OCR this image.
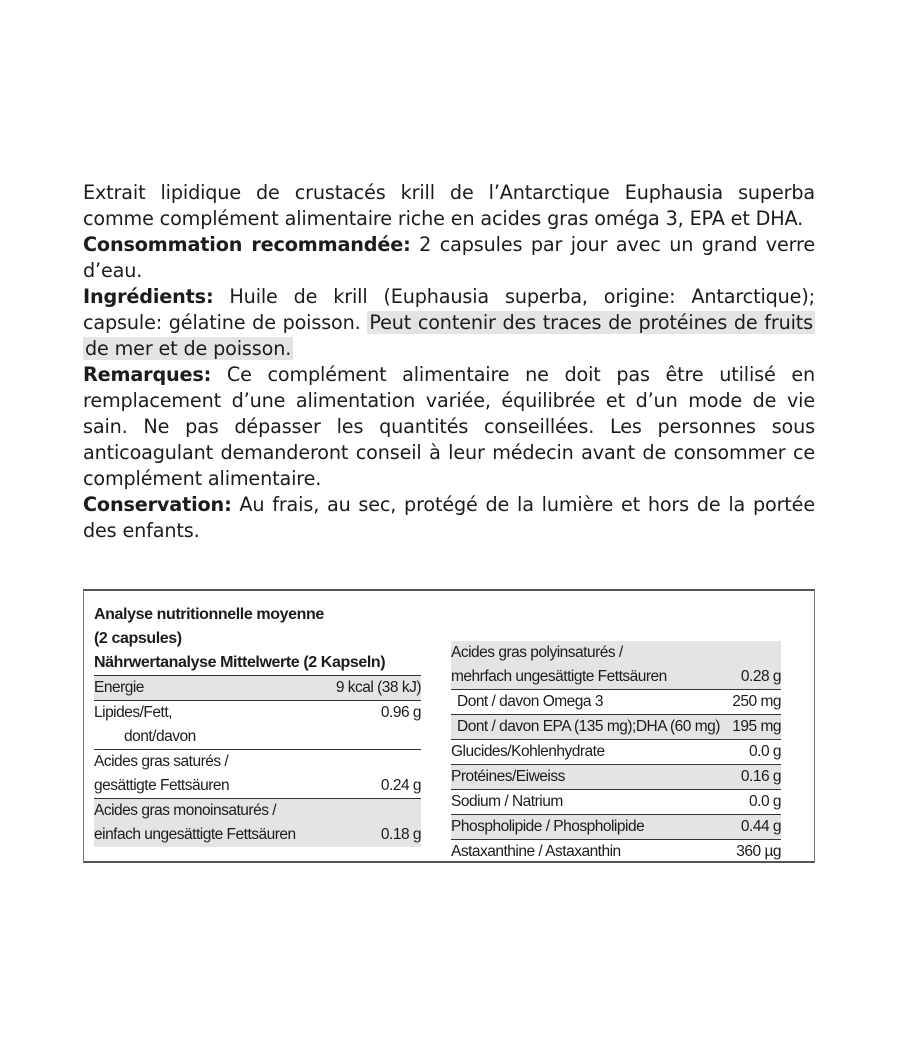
Extrait lipidique de crustacés krill de l’Antarctique Euphausia superba comme complément alimentaire riche en acides gras oméga 3, EPA et DHA.

Consommation recommandée: 2 capsules par jour avec un grand verre d’eau.

Ingrédients: Huile de krill (Euphausia superba, origine: Antarctique); capsule: gélatine de poisson. Peut contenir des traces de protéines de fruits de mer et de poisson.

Remarques: Ce complément alimentaire ne doit pas être utilisé en remplacement d’une alimentation variée, équilibrée et d’un mode de vie sain. Ne pas dépasser les quantités conseillées. Les personnes sous anticoagulant demanderont conseil à leur médecin avant de consommer ce complément alimentaire.

Conservation: Au frais, au sec, protégé de la lumière et hors de la portée des enfants.

Analyse nutritionnelle moyenne
(2 capsules)
Nährwertanalyse Mittelwerte (2 Kapseln)
Energie	9 kcal (38 kJ)
Lipides/Fett,	0.96 g
dont/davon
Acides gras saturés /
gesättigte Fettsäuren	0.24 g
Acides gras monoinsaturés /
einfach ungesättigte Fettsäuren	0.18 g
Acides gras polyinsaturés /
mehrfach ungesättigte Fettsäuren	0.28 g
Dont / davon Omega 3	250 mg
Dont / davon EPA (135 mg);DHA (60 mg) 195 mg
Glucides/Kohlenhydrate	0.0 g
Protéines/Eiweiss	0.16 g
Sodium / Natrium	0.0 g
Phospholipide / Phospholipide	0.44 g
Astaxanthine / Astaxanthin	360 µg
